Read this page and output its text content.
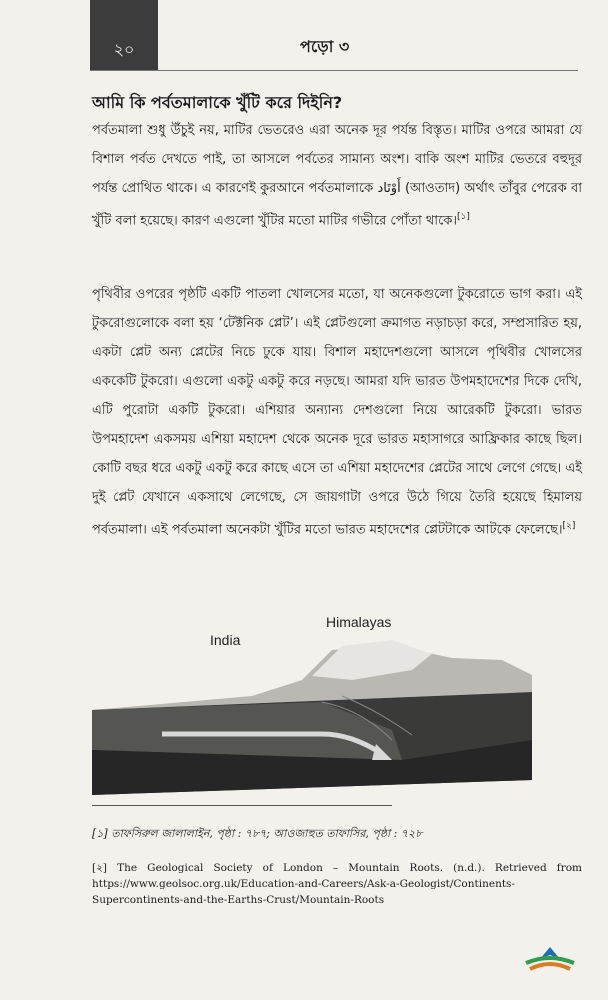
২০	পড়ো ৩
আমি কি পর্বতমালাকে খুঁটি করে দিইনি?

পর্বতমালা শুধু উঁচুই নয়, মাটির ভেতরেও এরা অনেক দূর পর্যন্ত বিস্তৃত। মাটির ওপরে আমরা যে বিশাল পর্বত দেখতে পাই, তা আসলে পর্বতের সামান্য অংশ। বাকি অংশ মাটির ভেতরে বহুদূর পর্যন্ত প্রোথিত থাকে। এ কারণেই কুরআনে পর্বতমালাকে أَوْتَاد (আওতাদ) অর্থাৎ তাঁবুর পেরেক বা খুঁটি বলা হয়েছে। কারণ এগুলো খুঁটির মতো মাটির গভীরে পোঁতা থাকে।[১]

পৃথিবীর ওপরের পৃষ্ঠটি একটি পাতলা খোলসের মতো, যা অনেকগুলো টুকরোতে ভাগ করা। এই টুকরোগুলোকে বলা হয় ‘টেক্টনিক প্লেট’। এই প্লেটগুলো ক্রমাগত নড়াচড়া করে, সম্প্রসারিত হয়, একটা প্লেট অন্য প্লেটের নিচে ঢুকে যায়। বিশাল মহাদেশগুলো আসলে পৃথিবীর খোলসের এককেটি টুকরো। এগুলো একটু একটু করে নড়ছে। আমরা যদি ভারত উপমহাদেশের দিকে দেখি, এটি পুরোটা একটি টুকরো। এশিয়ার অন্যান্য দেশগুলো নিয়ে আরেকটি টুকরো। ভারত উপমহাদেশ একসময় এশিয়া মহাদেশ থেকে অনেক দূরে ভারত মহাসাগরে আফ্রিকার কাছে ছিল। কোটি বছর ধরে একটু একটু করে কাছে এসে তা এশিয়া মহাদেশের প্লেটের সাথে লেগে গেছে। এই দুই প্লেট যেখানে একসাথে লেগেছে, সে জায়গাটা ওপরে উঠে গিয়ে তৈরি হয়েছে হিমালয় পর্বতমালা। এই পর্বতমালা অনেকটা খুঁটির মতো ভারত মহাদেশের প্লেটটাকে আটকে ফেলেছে।[২]

India
Himalayas

[১] তাফসিরুল জালালাইন, পৃষ্ঠা : ৭৮৭; আওজাহুত তাফাসির, পৃষ্ঠা : ৭২৮

[২] The Geological Society of London – Mountain Roots. (n.d.). Retrieved from https://www.geolsoc.org.uk/Education-and-Careers/Ask-a-Geologist/Continents-Supercontinents-and-the-Earths-Crust/Mountain-Roots
